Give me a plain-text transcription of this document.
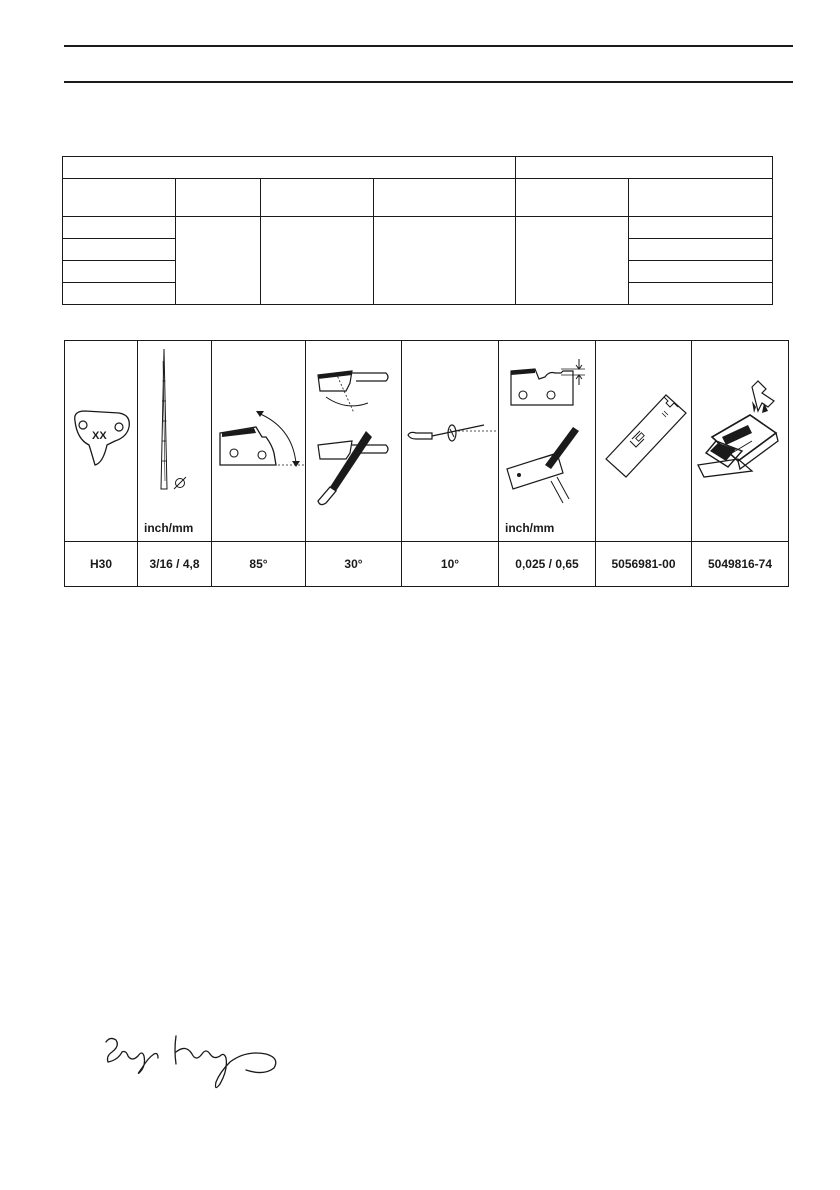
XX	inch/mm				inch/mm

H30	3/16 / 4,8	85°	30°	10°	0,025 / 0,65	5056981-00	5049816-74
